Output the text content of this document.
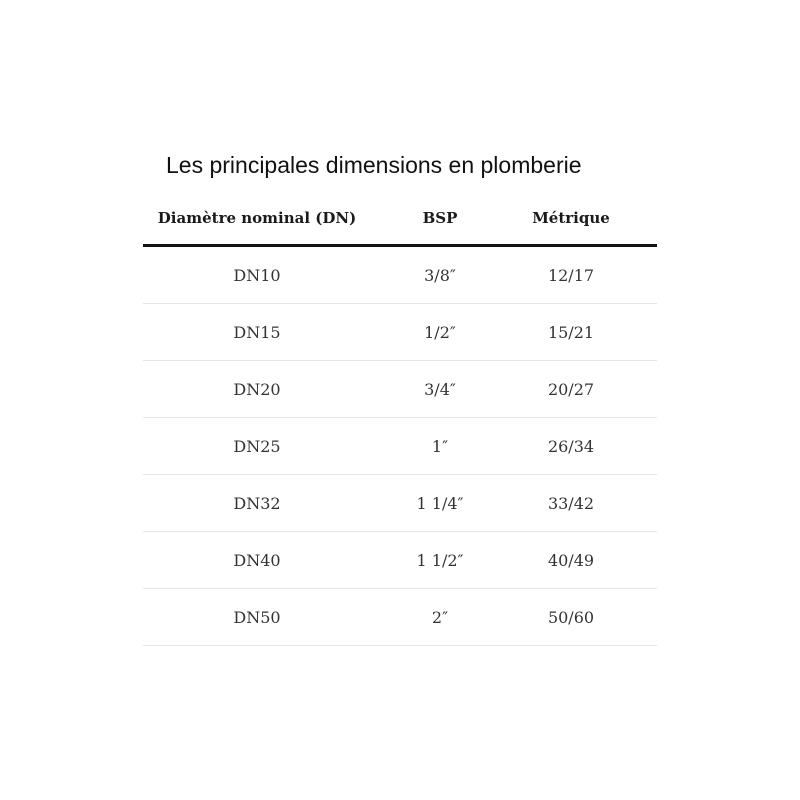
Les principales dimensions en plomberie
Diamètre nominal (DN)	BSP	Métrique
DN10	3/8″	12/17
DN15	1/2″	15/21
DN20	3/4″	20/27
DN25	1″	26/34
DN32	1 1/4″	33/42
DN40	1 1/2″	40/49
DN50	2″	50/60
